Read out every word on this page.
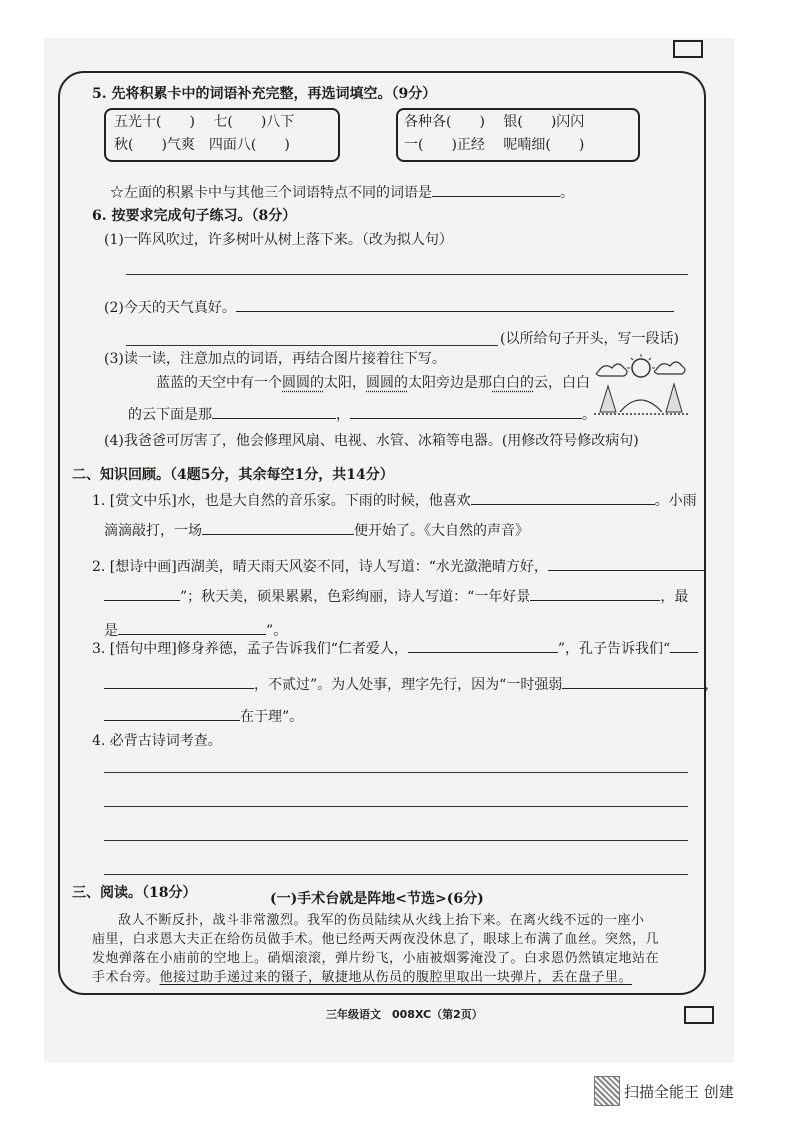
5. 先将积累卡中的词语补充完整，再选词填空。（9分）
五光十(　　)　 七(　　)八下
秋(　　)气爽　四面八(　　)
各种各(　　)　 银(　　)闪闪
一(　　)正经　 呢喃细(　　)
☆左面的积累卡中与其他三个词语特点不同的词语是	。
6. 按要求完成句子练习。（8分）
(1)一阵风吹过，许多树叶从树上落下来。（改为拟人句）
(2)今天的天气真好。
(以所给句子开头，写一段话)
(3)读一读，注意加点的词语，再结合图片接着往下写。
蓝蓝的天空中有一个圆圆的太阳，圆圆的太阳旁边是那白白的云，白白
的云下面是那	，	。
(4)我爸爸可厉害了，他会修理风扇、电视、水管、冰箱等电器。(用修改符号修改病句)
二、知识回顾。（4题5分，其余每空1分，共14分）
1. [赏文中乐]水，也是大自然的音乐家。下雨的时候，他喜欢	。小雨
滴滴敲打，一场	便开始了。《大自然的声音》
2. [想诗中画]西湖美，晴天雨天风姿不同，诗人写道：“水光潋滟晴方好，
”；秋天美，硕果累累，色彩绚丽，诗人写道：“一年好景	，最
是	”。
3. [悟句中理]修身养德，孟子告诉我们“仁者爱人，	”，孔子告诉我们“
，不贰过”。为人处事，理字先行，因为“一时强弱	，
在于理”。
4. 必背古诗词考查。
三、阅读。（18分）	(一)手术台就是阵地<节选>(6分)
敌人不断反扑，战斗非常激烈。我军的伤员陆续从火线上抬下来。在离火线不远的一座小
庙里，白求恩大夫正在给伤员做手术。他已经两天两夜没休息了，眼球上布满了血丝。突然，几
发炮弹落在小庙前的空地上。硝烟滚滚，弹片纷飞，小庙被烟雾淹没了。白求恩仍然镇定地站在
手术台旁。他接过助手递过来的镊子，敏捷地从伤员的腹腔里取出一块弹片，丢在盘子里。
三年级语文　008XC（第2页）
扫描全能王 创建
